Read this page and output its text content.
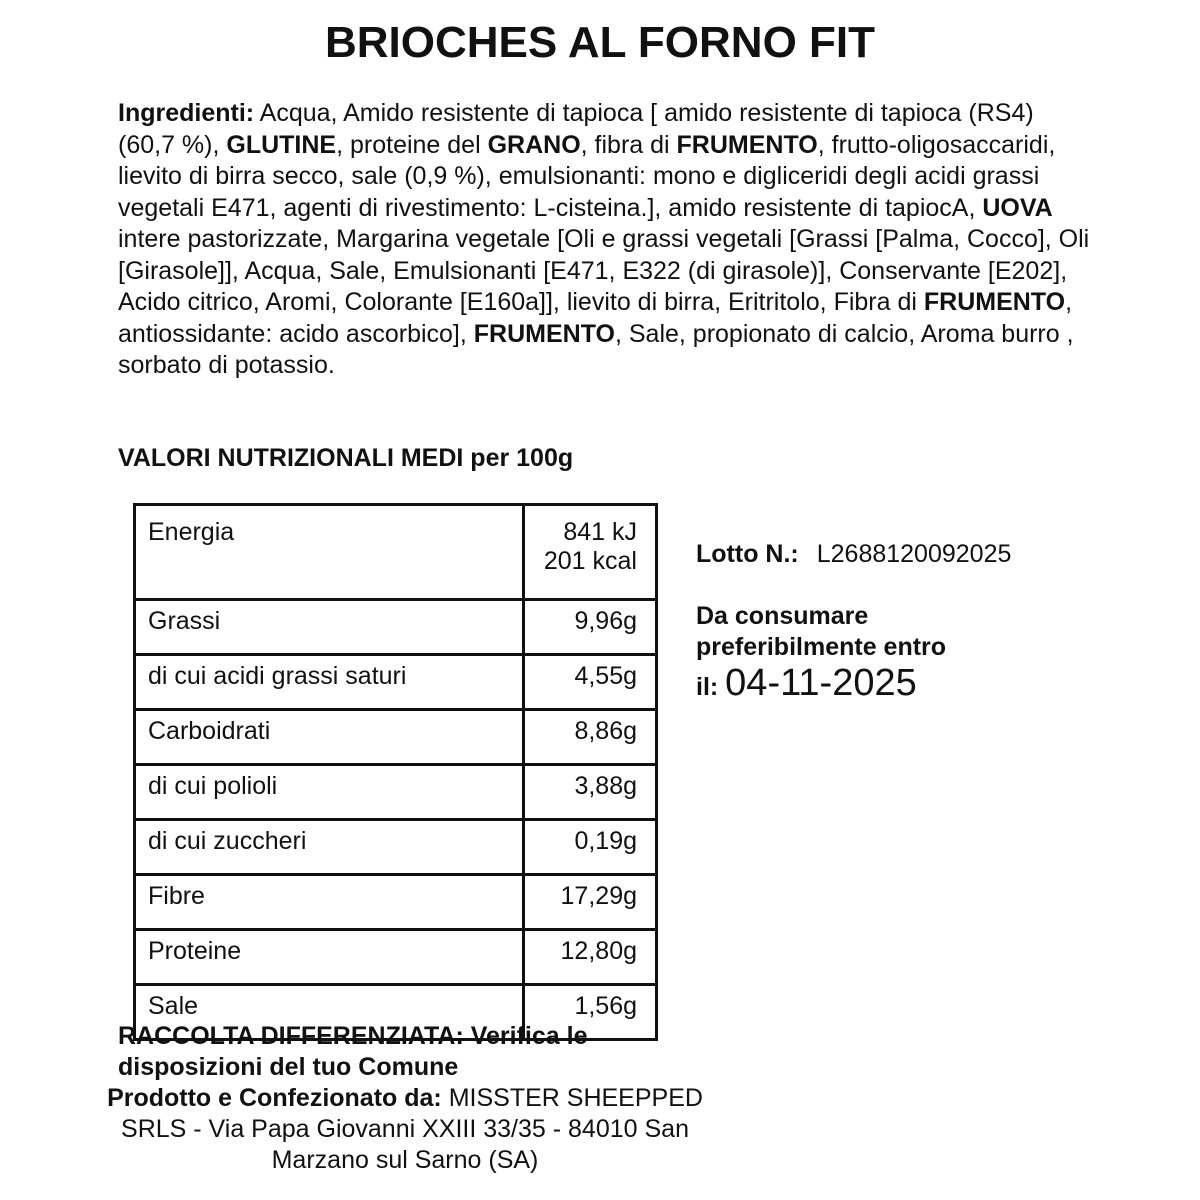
BRIOCHES AL FORNO FIT

Ingredienti: Acqua, Amido resistente di tapioca [ amido resistente di tapioca (RS4) (60,7 %), GLUTINE, proteine del GRANO, fibra di FRUMENTO, frutto-oligosaccaridi, lievito di birra secco, sale (0,9 %), emulsionanti: mono e digliceridi degli acidi grassi vegetali E471, agenti di rivestimento: L-cisteina.], amido resistente di tapiocA, UOVA intere pastorizzate, Margarina vegetale [Oli e grassi vegetali [Grassi [Palma, Cocco], Oli [Girasole]], Acqua, Sale, Emulsionanti [E471, E322 (di girasole)], Conservante [E202], Acido citrico, Aromi, Colorante [E160a]], lievito di birra, Eritritolo, Fibra di FRUMENTO, antiossidante: acido ascorbico], FRUMENTO, Sale, propionato di calcio, Aroma burro , sorbato di potassio.

VALORI NUTRIZIONALI MEDI per 100g

Energia	841 kJ
201 kcal
Grassi	9,96g
di cui acidi grassi saturi	4,55g
Carboidrati	8,86g
di cui polioli	3,88g
di cui zuccheri	0,19g
Fibre	17,29g
Proteine	12,80g
Sale	1,56g

Lotto N.: L2688120092025

Da consumare
preferibilmente entro
il: 04-11-2025

RACCOLTA DIFFERENZIATA: Verifica le disposizioni del tuo Comune

Prodotto e Confezionato da: MISSTER SHEEPPED SRLS - Via Papa Giovanni XXIII 33/35 - 84010 San Marzano sul Sarno (SA)
